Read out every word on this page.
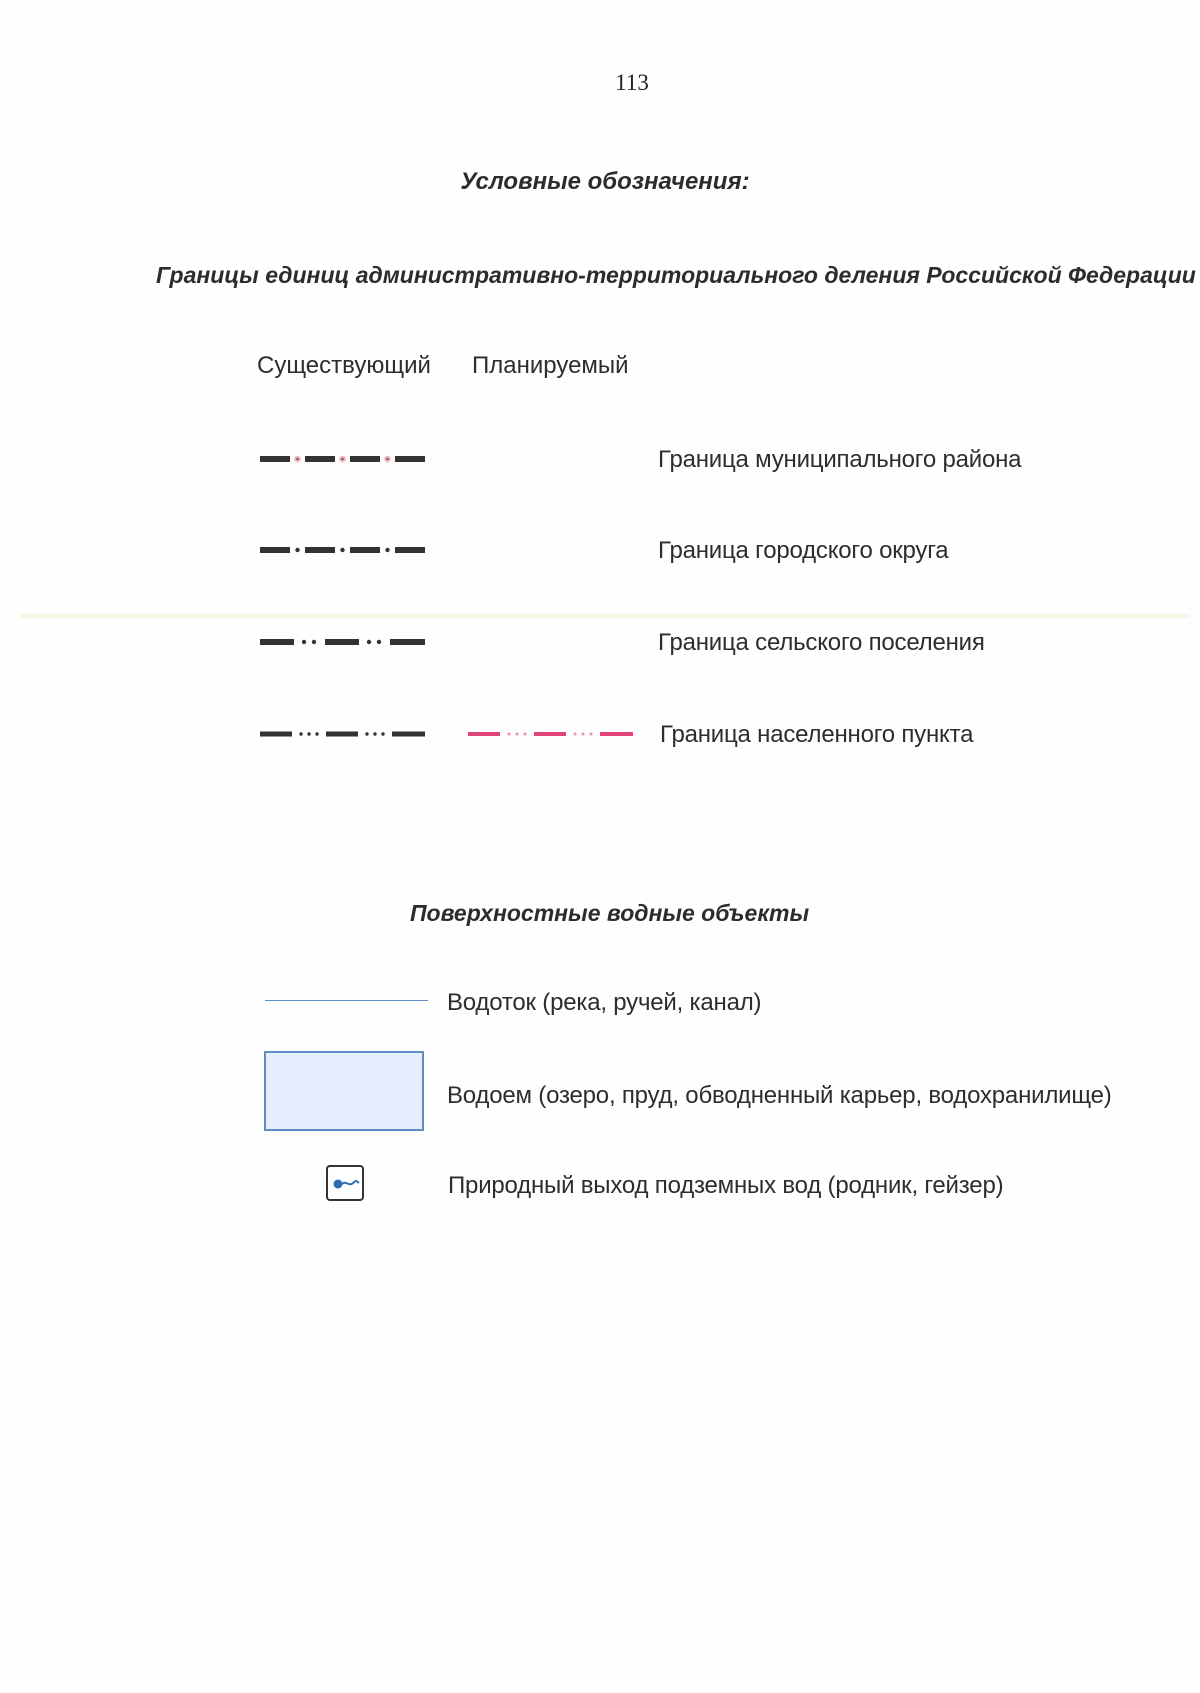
113
Условные обозначения:
Границы единиц административно-территориального деления Российской Федерации
Существующий Планируемый
Граница муниципального района
Граница городского округа
Граница сельского поселения
Граница населенного пункта
Поверхностные водные объекты
Водоток (река, ручей, канал)
Водоем (озеро, пруд, обводненный карьер, водохранилище)
Природный выход подземных вод (родник, гейзер)
